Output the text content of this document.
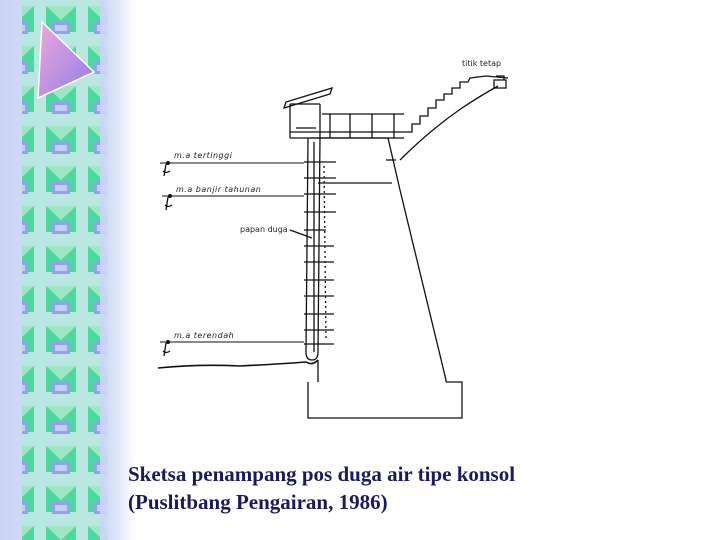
titik tetap
m.a tertinggi
m.a banjir tahunan
papan duga
m.a terendah
Sketsa penampang pos duga air tipe konsol
(Puslitbang Pengairan, 1986)
